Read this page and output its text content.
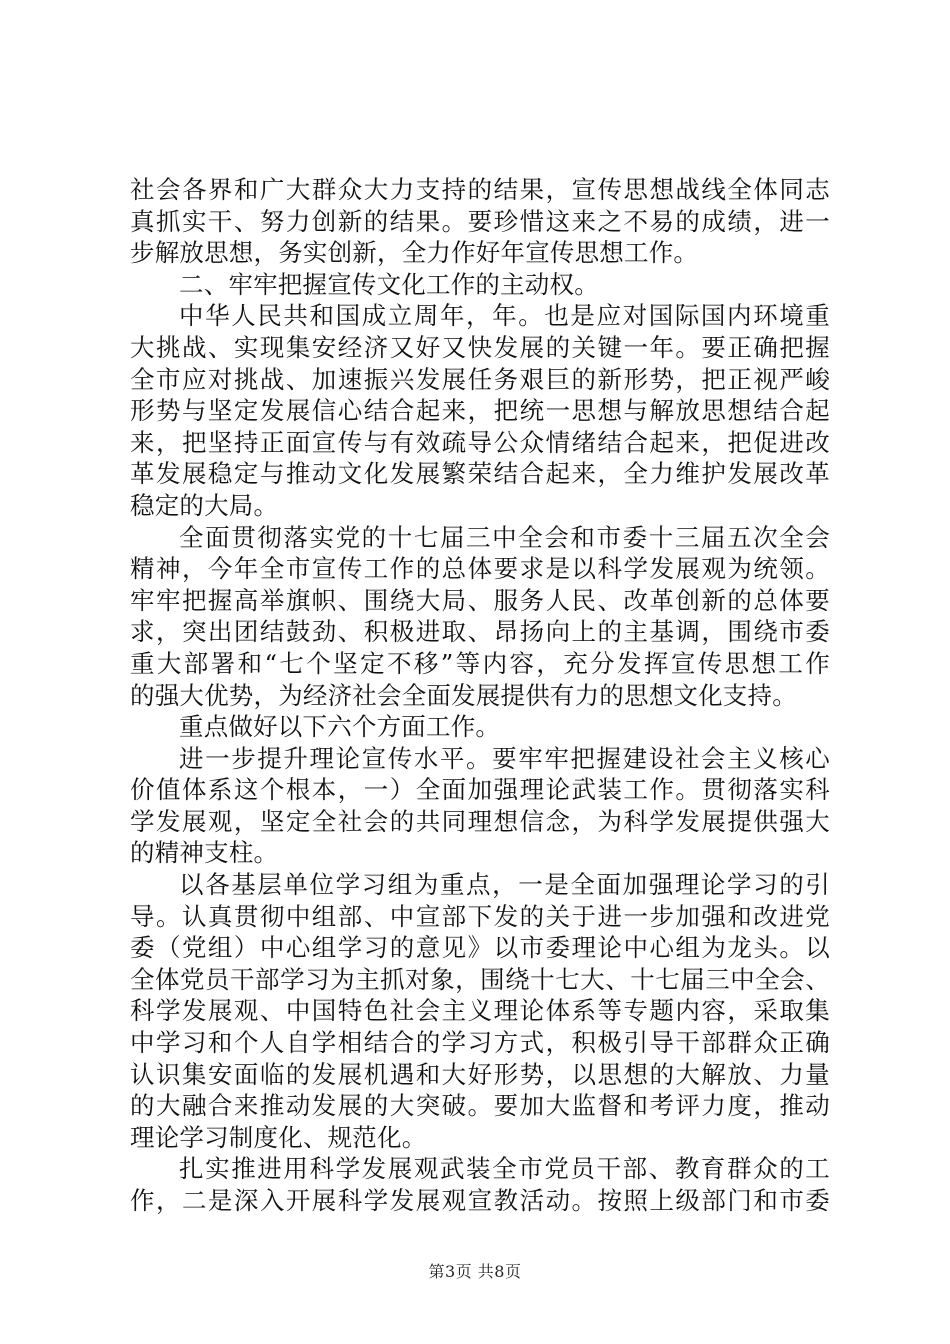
社会各界和广大群众大力支持的结果，宣传思想战线全体同志
真抓实干、努力创新的结果。要珍惜这来之不易的成绩，进一
步解放思想，务实创新，全力作好年宣传思想工作。
二、牢牢把握宣传文化工作的主动权。
中华人民共和国成立周年，年。也是应对国际国内环境重
大挑战、实现集安经济又好又快发展的关键一年。要正确把握
全市应对挑战、加速振兴发展任务艰巨的新形势，把正视严峻
形势与坚定发展信心结合起来，把统一思想与解放思想结合起
来，把坚持正面宣传与有效疏导公众情绪结合起来，把促进改
革发展稳定与推动文化发展繁荣结合起来，全力维护发展改革
稳定的大局。
全面贯彻落实党的十七届三中全会和市委十三届五次全会
精神，今年全市宣传工作的总体要求是以科学发展观为统领。
牢牢把握高举旗帜、围绕大局、服务人民、改革创新的总体要
求，突出团结鼓劲、积极进取、昂扬向上的主基调，围绕市委
重大部署和“七个坚定不移”等内容，充分发挥宣传思想工作
的强大优势，为经济社会全面发展提供有力的思想文化支持。
重点做好以下六个方面工作。
进一步提升理论宣传水平。要牢牢把握建设社会主义核心
价值体系这个根本，一）全面加强理论武装工作。贯彻落实科
学发展观，坚定全社会的共同理想信念，为科学发展提供强大
的精神支柱。
以各基层单位学习组为重点，一是全面加强理论学习的引
导。认真贯彻中组部、中宣部下发的关于进一步加强和改进党
委（党组）中心组学习的意见》以市委理论中心组为龙头。以
全体党员干部学习为主抓对象，围绕十七大、十七届三中全会、
科学发展观、中国特色社会主义理论体系等专题内容，采取集
中学习和个人自学相结合的学习方式，积极引导干部群众正确
认识集安面临的发展机遇和大好形势，以思想的大解放、力量
的大融合来推动发展的大突破。要加大监督和考评力度，推动
理论学习制度化、规范化。
扎实推进用科学发展观武装全市党员干部、教育群众的工
作，二是深入开展科学发展观宣教活动。按照上级部门和市委
第3页 共8页
